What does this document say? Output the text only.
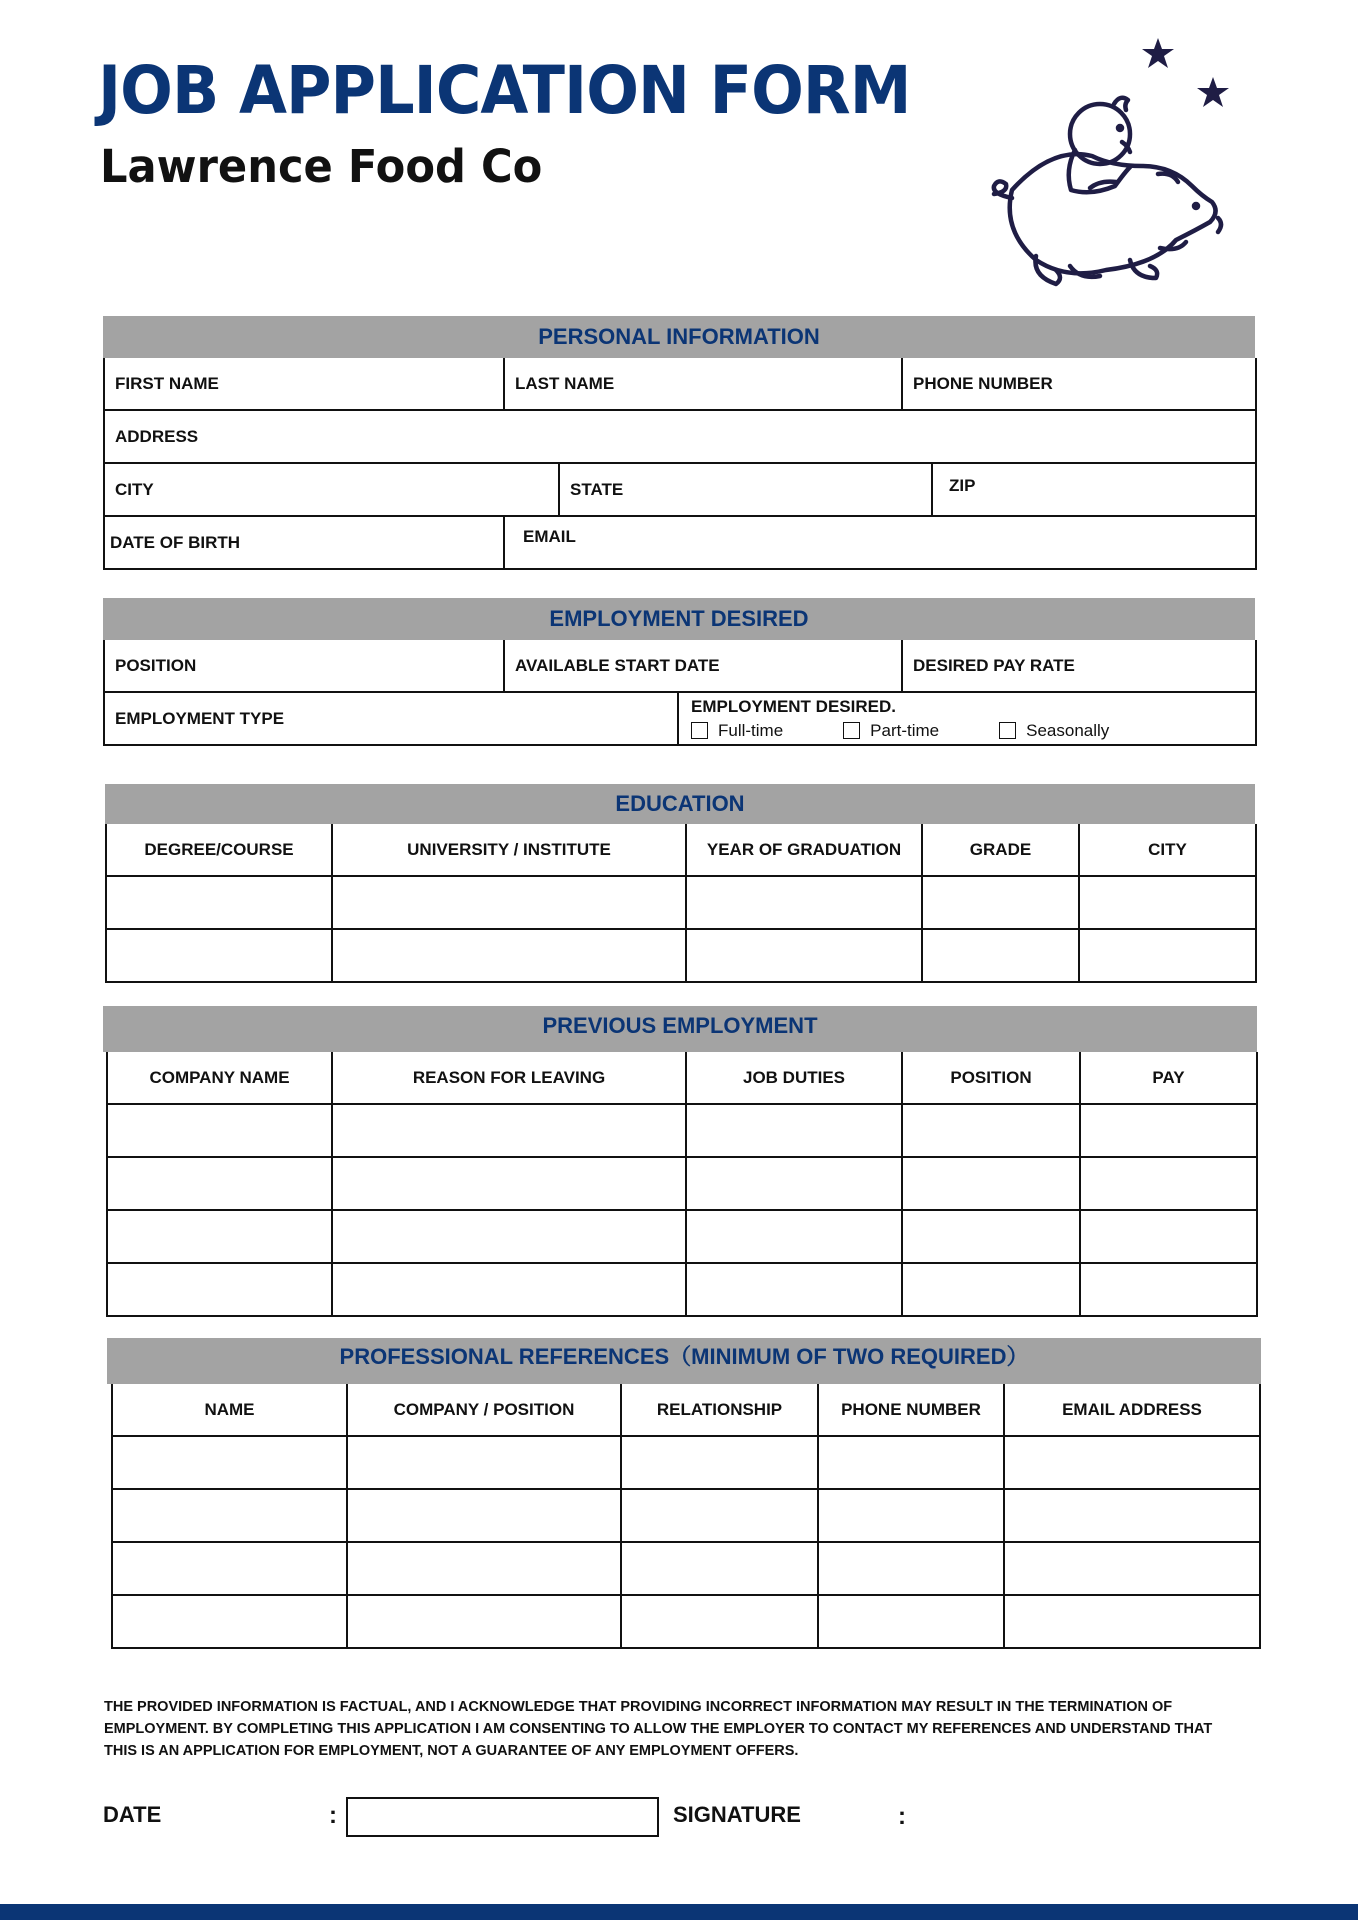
JOB APPLICATION FORM
Lawrence Food Co
PERSONAL INFORMATION
FIRST NAME	LAST NAME	PHONE NUMBER
ADDRESS
CITY	STATE	ZIP
DATE OF BIRTH	EMAIL
EMPLOYMENT DESIRED
POSITION	AVAILABLE START DATE	DESIRED PAY RATE
EMPLOYMENT TYPE
EMPLOYMENT DESIRED.
Full-time	Part-time	Seasonally
EDUCATION
DEGREE/COURSE	UNIVERSITY / INSTITUTE	YEAR OF GRADUATION	GRADE	CITY
PREVIOUS EMPLOYMENT
COMPANY NAME	REASON FOR LEAVING	JOB DUTIES	POSITION	PAY
PROFESSIONAL REFERENCES（MINIMUM OF TWO REQUIRED）
NAME	COMPANY / POSITION	RELATIONSHIP	PHONE NUMBER	EMAIL ADDRESS
THE PROVIDED INFORMATION IS FACTUAL, AND I ACKNOWLEDGE THAT PROVIDING INCORRECT INFORMATION MAY RESULT IN THE TERMINATION OF
EMPLOYMENT. BY COMPLETING THIS APPLICATION I AM CONSENTING TO ALLOW THE EMPLOYER TO CONTACT MY REFERENCES AND UNDERSTAND THAT
THIS IS AN APPLICATION FOR EMPLOYMENT, NOT A GUARANTEE OF ANY EMPLOYMENT OFFERS.
DATE	:	SIGNATURE	:
